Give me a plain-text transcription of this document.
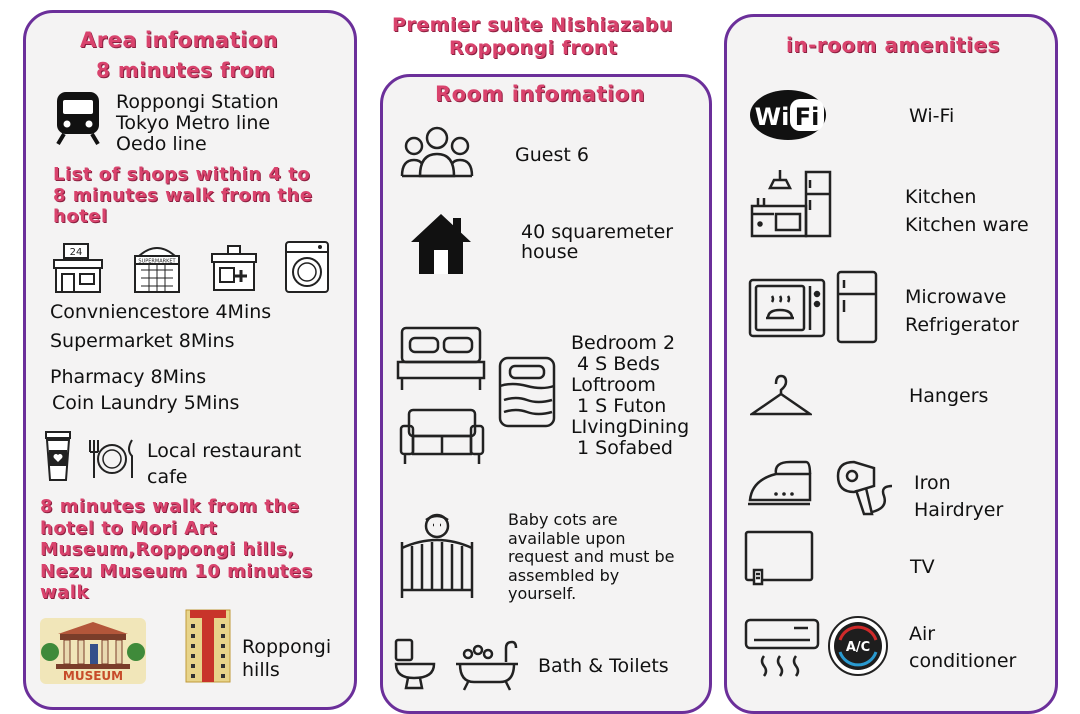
Premier suite Nishiazabu
Roppongi front
Area infomation
8 minutes from
Roppongi Station
Tokyo Metro line
Oedo line
List of shops within 4 to
8 minutes walk from the
hotel
24
SUPERMARKET
Convniencestore 4Mins
Supermarket 8Mins
Pharmacy 8Mins
Coin Laundry 5Mins
Local restaurant
cafe
8 minutes walk from the
hotel to Mori Art
Museum,Roppongi hills,
Nezu Museum 10 minutes
walk
MUSEUM
Roppongi
hills
Room infomation
Guest 6
40 squaremeter
house
Bedroom 2
4 S Beds
Loftroom
1 S Futon
LIvingDining
1 Sofabed
Baby cots are
available upon
request and must be
assembled by
yourself.
Bath & Toilets
in-room amenities
Wi Fi	Wi-Fi
Kitchen
Kitchen ware
Microwave
Refrigerator
Hangers
Iron
Hairdryer
TV
A/C
Air
conditioner
